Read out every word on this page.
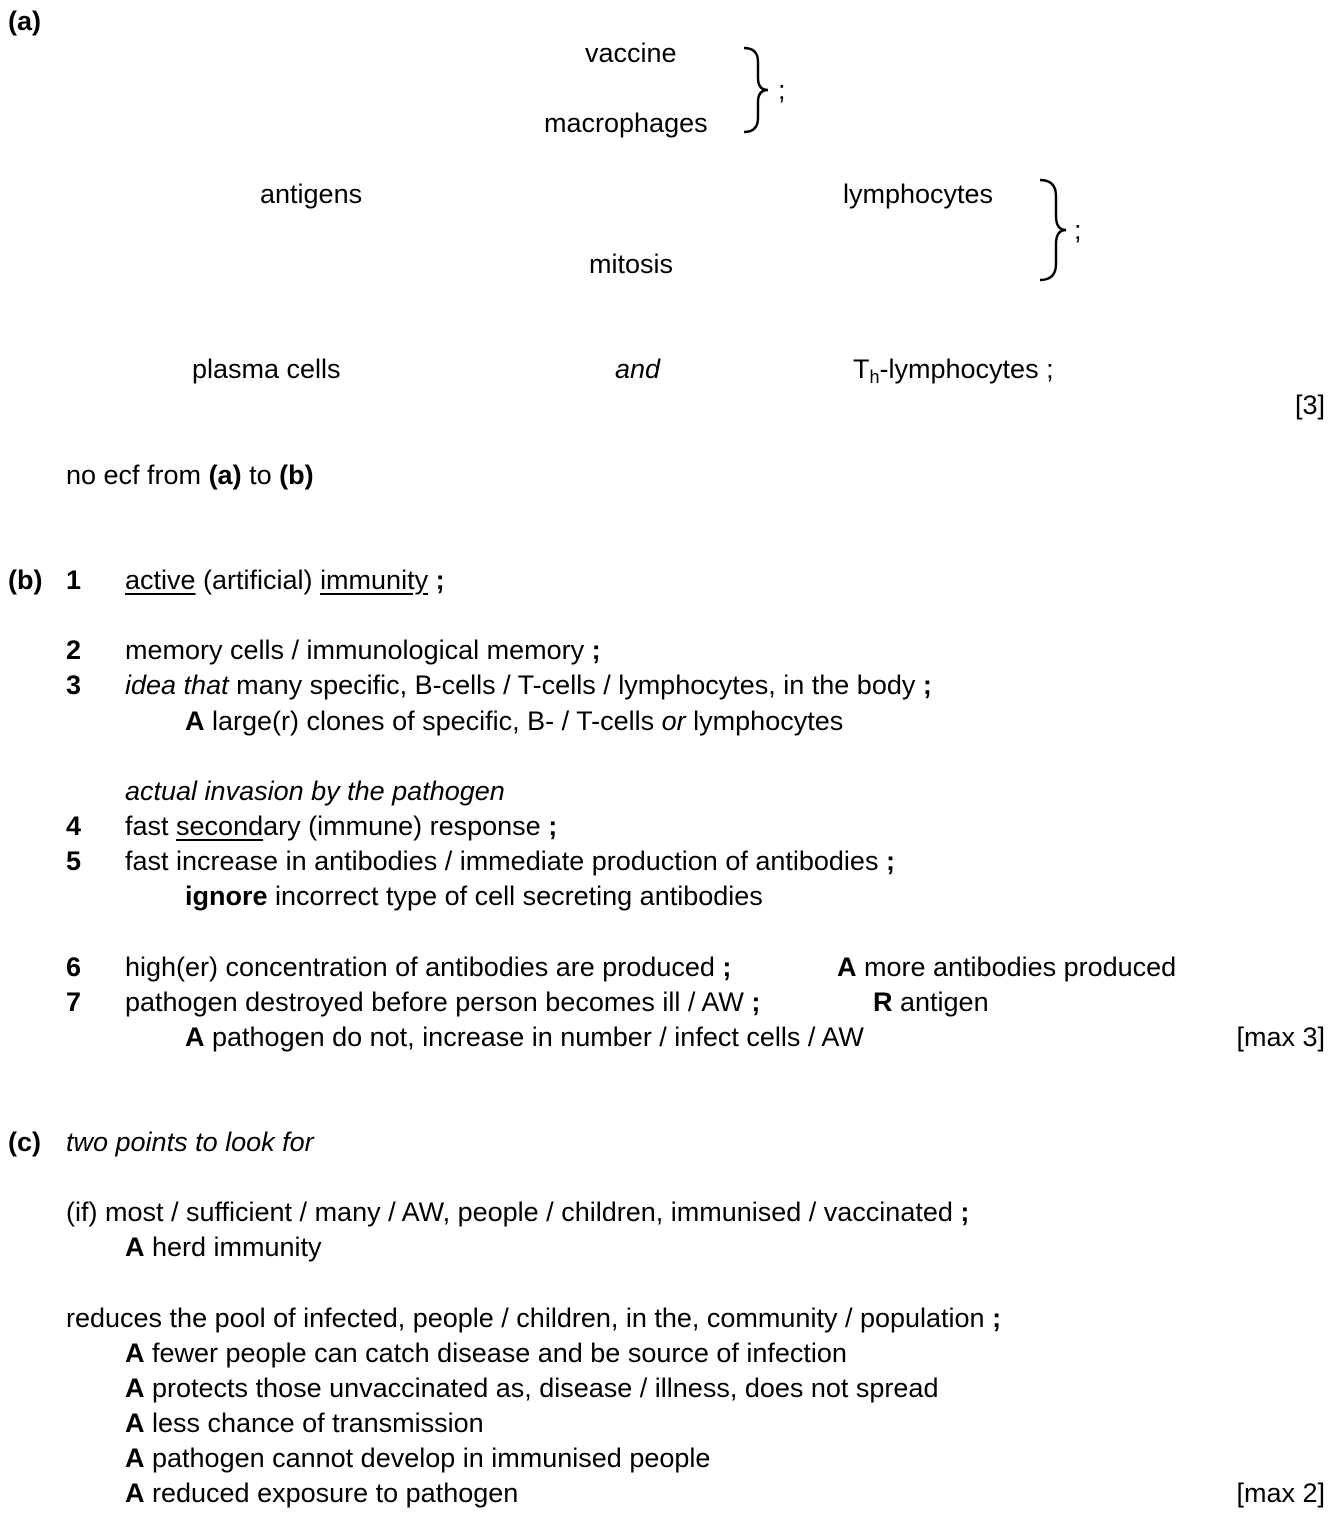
(a)
vaccine
macrophages
;
antigens	lymphocytes
mitosis
;
plasma cells	and	$T_h$-lymphocytes ;
[3]
no ecf from (a) to (b)
(b) 1 active (artificial) immunity ;
2 memory cells / immunological memory ;
3 idea that many specific, B-cells / T-cells / lymphocytes, in the body ;
A large(r) clones of specific, B- / T-cells or lymphocytes
actual invasion by the pathogen
4 fast secondary (immune) response ;
5 fast increase in antibodies / immediate production of antibodies ;
ignore incorrect type of cell secreting antibodies
6 high(er) concentration of antibodies are produced ;	A more antibodies produced
7 pathogen destroyed before person becomes ill / AW ;	R antigen
A pathogen do not, increase in number / infect cells / AW	[max 3]
(c) two points to look for
(if) most / sufficient / many / AW, people / children, immunised / vaccinated ;
A herd immunity
reduces the pool of infected, people / children, in the, community / population ;
A fewer people can catch disease and be source of infection
A protects those unvaccinated as, disease / illness, does not spread
A less chance of transmission
A pathogen cannot develop in immunised people
A reduced exposure to pathogen	[max 2]
